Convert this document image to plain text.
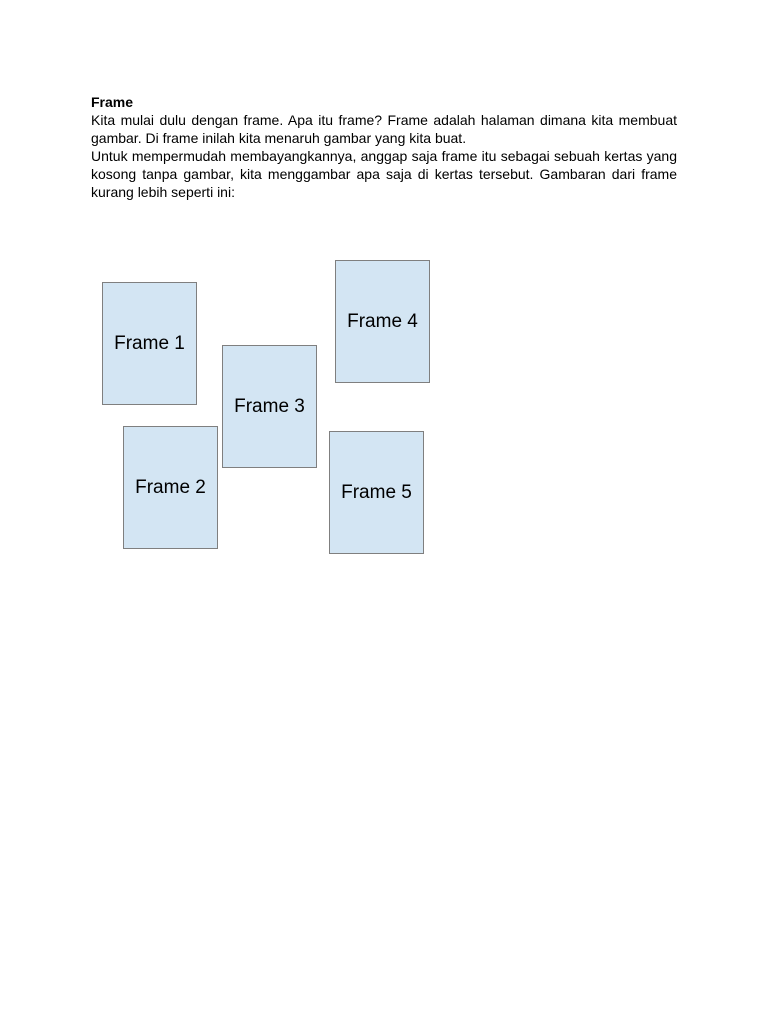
Frame

Kita mulai dulu dengan frame. Apa itu frame? Frame adalah halaman dimana kita membuat gambar. Di frame inilah kita menaruh gambar yang kita buat.

Untuk mempermudah membayangkannya, anggap saja frame itu sebagai sebuah kertas yang kosong tanpa gambar, kita menggambar apa saja di kertas tersebut. Gambaran dari frame kurang lebih seperti ini:

Frame 1
Frame 2
Frame 3
Frame 4
Frame 5
